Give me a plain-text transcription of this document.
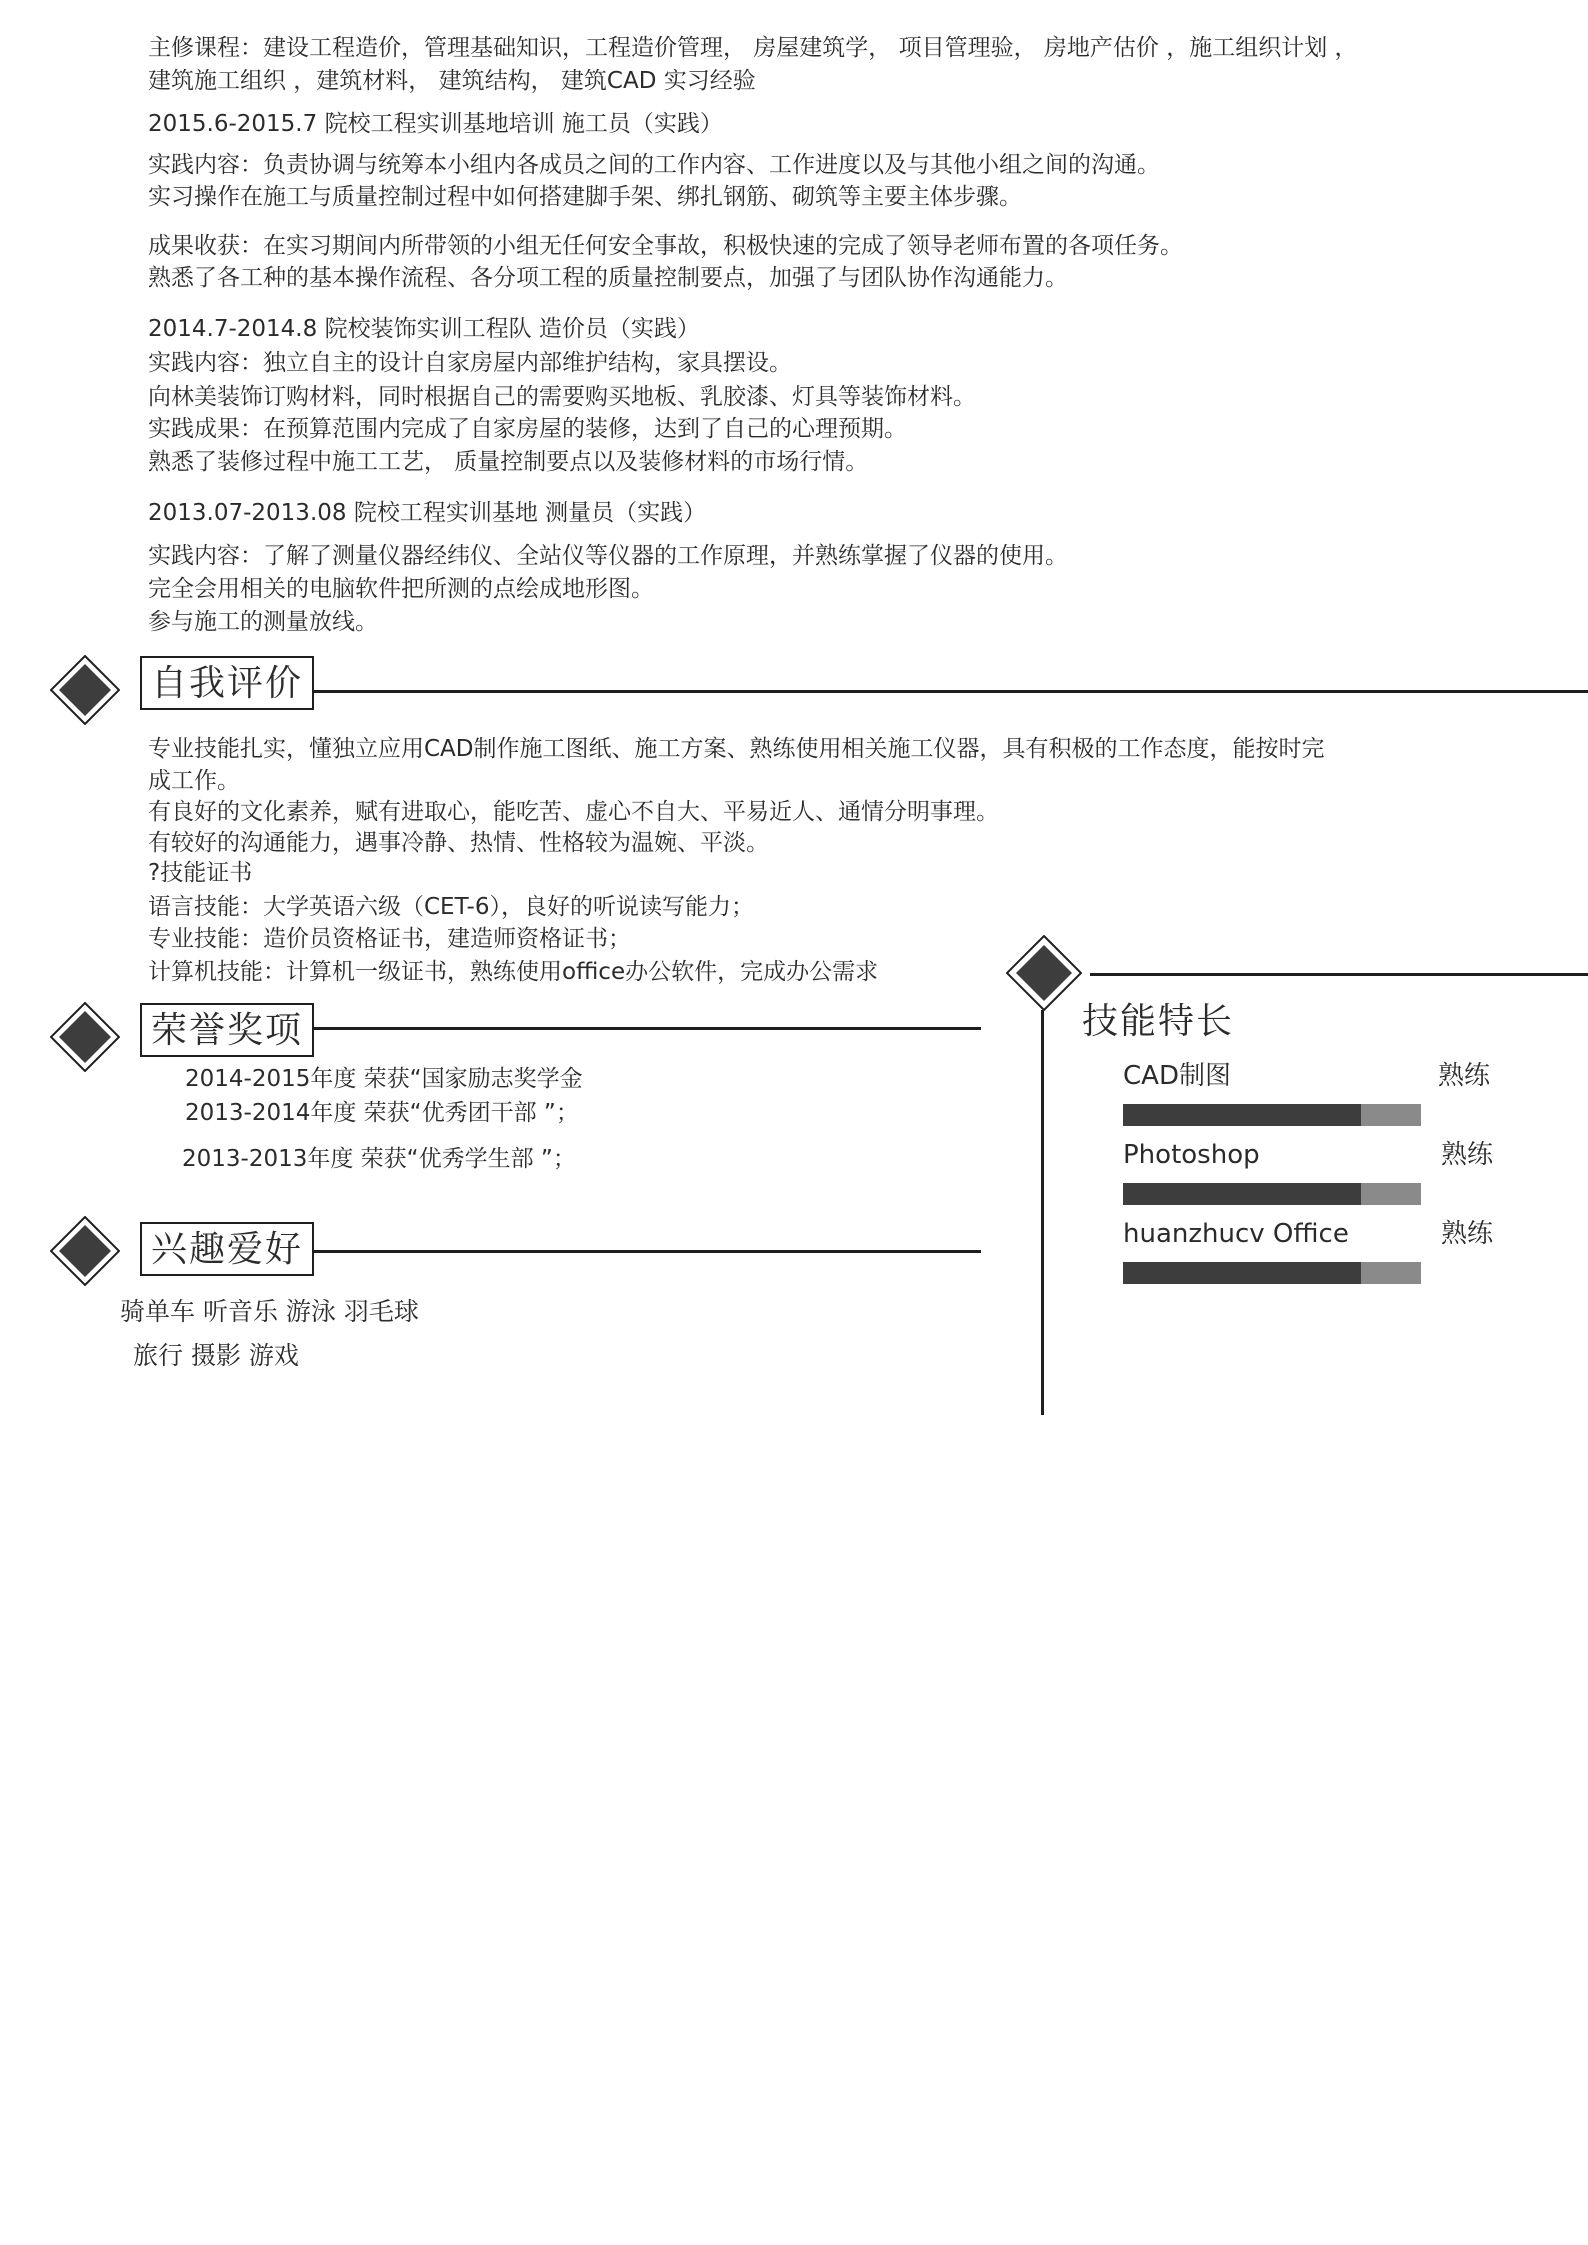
主修课程：建设工程造价，管理基础知识，工程造价管理， 房屋建筑学， 项目管理验， 房地产估价 ，施工组织计划 ，
建筑施工组织 ，建筑材料， 建筑结构， 建筑CAD 实习经验
2015.6-2015.7 院校工程实训基地培训 施工员（实践）
实践内容：负责协调与统筹本小组内各成员之间的工作内容、工作进度以及与其他小组之间的沟通。
实习操作在施工与质量控制过程中如何搭建脚手架、绑扎钢筋、砌筑等主要主体步骤。
成果收获：在实习期间内所带领的小组无任何安全事故，积极快速的完成了领导老师布置的各项任务。
熟悉了各工种的基本操作流程、各分项工程的质量控制要点，加强了与团队协作沟通能力。
2014.7-2014.8 院校装饰实训工程队 造价员（实践）
实践内容：独立自主的设计自家房屋内部维护结构，家具摆设。
向林美装饰订购材料，同时根据自己的需要购买地板、乳胶漆、灯具等装饰材料。
实践成果：在预算范围内完成了自家房屋的装修，达到了自己的心理预期。
熟悉了装修过程中施工工艺， 质量控制要点以及装修材料的市场行情。
2013.07-2013.08 院校工程实训基地 测量员（实践）
实践内容：了解了测量仪器经纬仪、全站仪等仪器的工作原理，并熟练掌握了仪器的使用。
完全会用相关的电脑软件把所测的点绘成地形图。
参与施工的测量放线。
自我评价
专业技能扎实，懂独立应用CAD制作施工图纸、施工方案、熟练使用相关施工仪器，具有积极的工作态度，能按时完
成工作。
有良好的文化素养，赋有进取心，能吃苦、虚心不自大、平易近人、通情分明事理。
有较好的沟通能力，遇事冷静、热情、性格较为温婉、平淡。
?技能证书
语言技能：大学英语六级（CET-6），良好的听说读写能力；
专业技能：造价员资格证书，建造师资格证书；
计算机技能：计算机一级证书，熟练使用office办公软件，完成办公需求
荣誉奖项
2014-2015年度 荣获“国家励志奖学金
2013-2014年度 荣获“优秀团干部 ”；
2013-2013年度 荣获“优秀学生部 ”；
兴趣爱好
骑单车 听音乐 游泳 羽毛球
旅行 摄影 游戏
技能特长
CAD制图	熟练
Photoshop	熟练
huanzhucv Office	熟练
